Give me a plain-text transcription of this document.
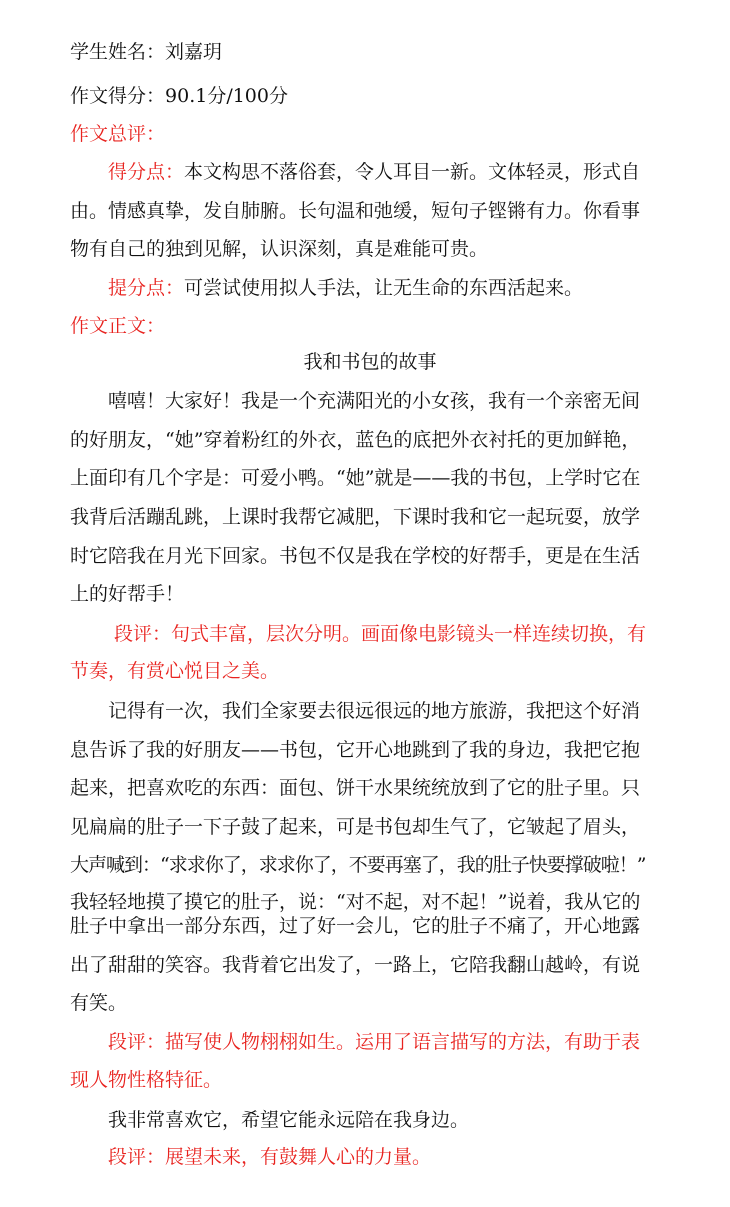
学生姓名：刘嘉玥
作文得分：90.1分/100分
作文总评：
得分点：本文构思不落俗套，令人耳目一新。文体轻灵，形式自
由。情感真挚，发自肺腑。长句温和弛缓，短句子铿锵有力。你看事
物有自己的独到见解，认识深刻，真是难能可贵。
提分点：可尝试使用拟人手法，让无生命的东西活起来。
作文正文：
我和书包的故事
嘻嘻！大家好！我是一个充满阳光的小女孩，我有一个亲密无间
的好朋友，“她”穿着粉红的外衣，蓝色的底把外衣衬托的更加鲜艳，
上面印有几个字是：可爱小鸭。“她”就是——我的书包，上学时它在
我背后活蹦乱跳，上课时我帮它减肥，下课时我和它一起玩耍，放学
时它陪我在月光下回家。书包不仅是我在学校的好帮手，更是在生活
上的好帮手！
段评：句式丰富，层次分明。画面像电影镜头一样连续切换，有
节奏，有赏心悦目之美。
记得有一次，我们全家要去很远很远的地方旅游，我把这个好消
息告诉了我的好朋友——书包，它开心地跳到了我的身边，我把它抱
起来，把喜欢吃的东西：面包、饼干水果统统放到了它的肚子里。只
见扁扁的肚子一下子鼓了起来，可是书包却生气了，它皱起了眉头，
大声喊到：“求求你了，求求你了，不要再塞了，我的肚子快要撑破啦！”
我轻轻地摸了摸它的肚子，说：“对不起，对不起！”说着，我从它的
肚子中拿出一部分东西，过了好一会儿，它的肚子不痛了，开心地露
出了甜甜的笑容。我背着它出发了，一路上，它陪我翻山越岭，有说
有笑。
段评：描写使人物栩栩如生。运用了语言描写的方法，有助于表
现人物性格特征。
我非常喜欢它，希望它能永远陪在我身边。
段评：展望未来，有鼓舞人心的力量。
